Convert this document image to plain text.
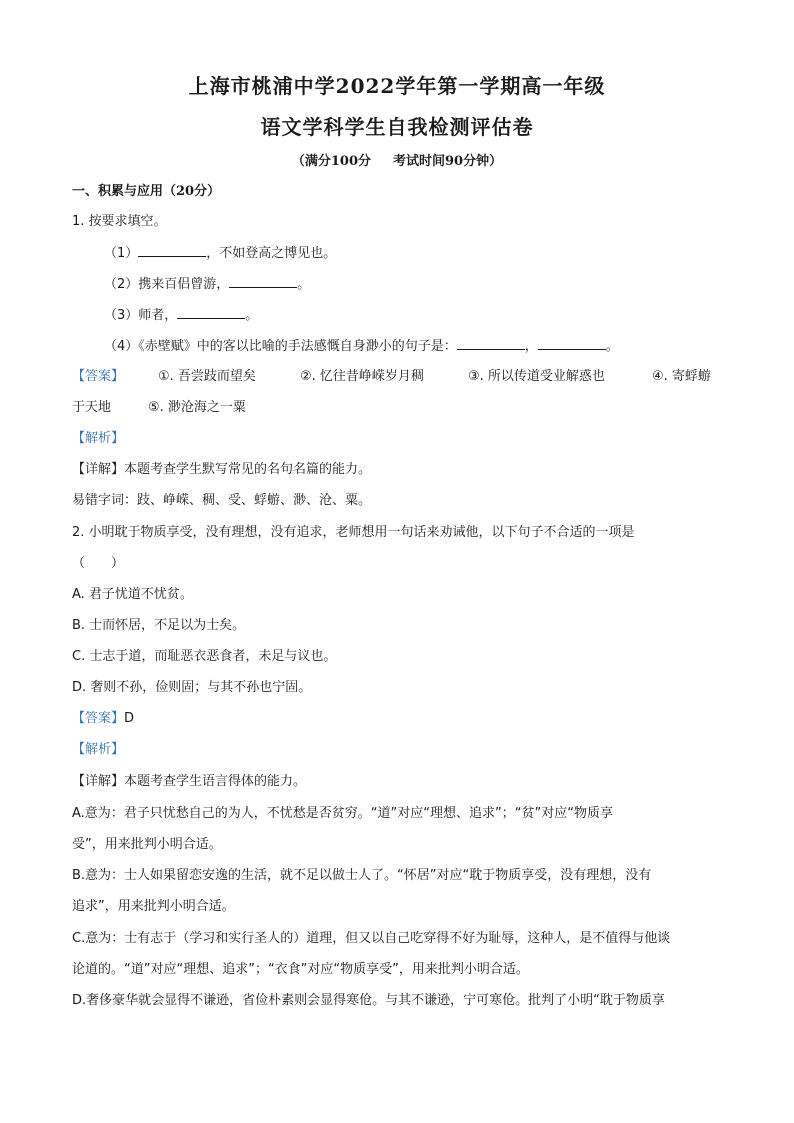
上海市桃浦中学2022学年第一学期高一年级
语文学科学生自我检测评估卷
（满分100分 考试时间90分钟）
一、积累与应用（20分）
1. 按要求填空。
（1）	，不如登高之博见也。
（2）携来百侣曾游，	。
（3）师者，	。
（4）《赤壁赋》中的客以比喻的手法感慨自身渺小的句子是：	，	。
【答案】	①. 吾尝跂而望矣	②. 忆往昔峥嵘岁月稠	③. 所以传道受业解惑也	④. 寄蜉蝣
于天地	⑤. 渺沧海之一粟
【解析】
【详解】本题考查学生默写常见的名句名篇的能力。
易错字词：跂、峥嵘、稠、受、蜉蝣、渺、沧、粟。
2. 小明耽于物质享受，没有理想，没有追求，老师想用一句话来劝诫他，以下句子不合适的一项是
（　　）
A. 君子忧道不忧贫。
B. 士而怀居，不足以为士矣。
C. 士志于道，而耻恶衣恶食者，未足与议也。
D. 奢则不孙，俭则固；与其不孙也宁固。
【答案】D
【解析】
【详解】本题考查学生语言得体的能力。
A.意为：君子只忧愁自己的为人，不忧愁是否贫穷。“道”对应“理想、追求”；“贫”对应“物质享
受”，用来批判小明合适。
B.意为：士人如果留恋安逸的生活，就不足以做士人了。“怀居”对应“耽于物质享受，没有理想，没有
追求”，用来批判小明合适。
C.意为：士有志于（学习和实行圣人的）道理，但又以自己吃穿得不好为耻辱，这种人，是不值得与他谈
论道的。“道”对应“理想、追求”；“衣食”对应“物质享受”，用来批判小明合适。
D.奢侈豪华就会显得不谦逊，省俭朴素则会显得寒伧。与其不谦逊，宁可寒伧。批判了小明“耽于物质享
